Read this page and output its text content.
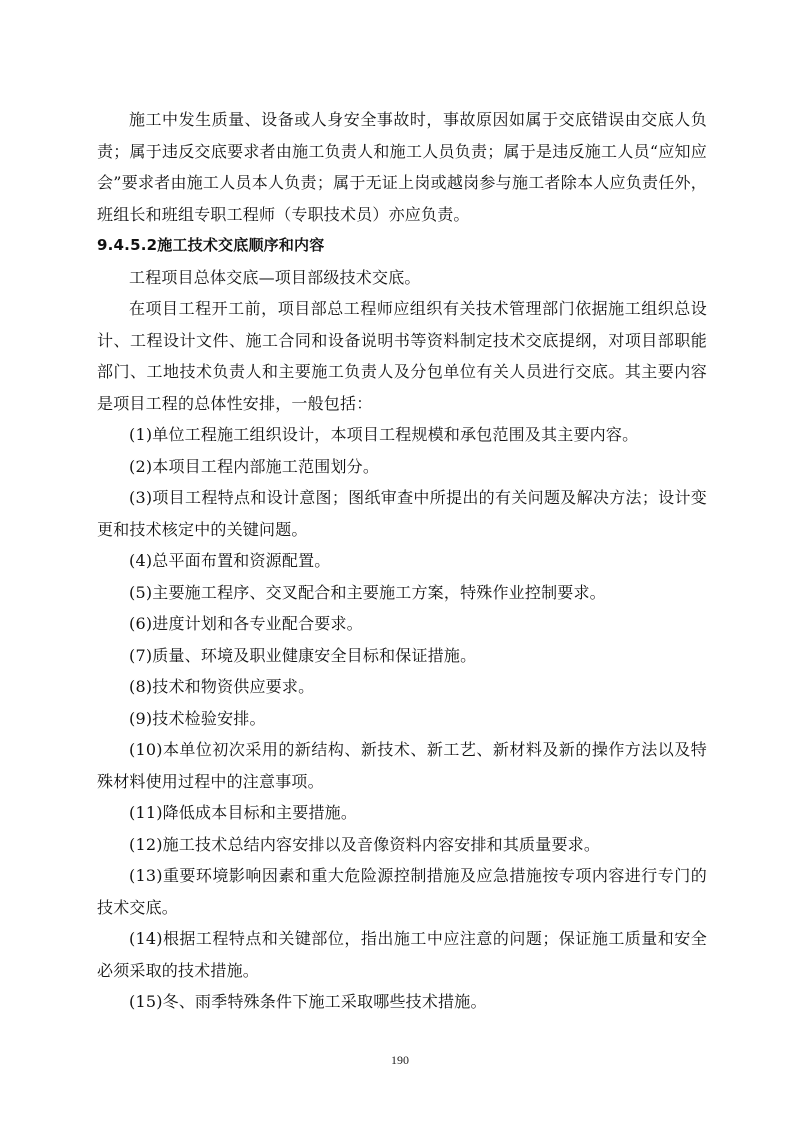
施工中发生质量、设备或人身安全事故时，事故原因如属于交底错误由交底人负责；属于违反交底要求者由施工负责人和施工人员负责；属于是违反施工人员“应知应会”要求者由施工人员本人负责；属于无证上岗或越岗参与施工者除本人应负责任外，班组长和班组专职工程师（专职技术员）亦应负责。

9.4.5.2施工技术交底顺序和内容

工程项目总体交底—项目部级技术交底。

在项目工程开工前，项目部总工程师应组织有关技术管理部门依据施工组织总设计、工程设计文件、施工合同和设备说明书等资料制定技术交底提纲，对项目部职能部门、工地技术负责人和主要施工负责人及分包单位有关人员进行交底。其主要内容是项目工程的总体性安排，一般包括：

(1)单位工程施工组织设计，本项目工程规模和承包范围及其主要内容。

(2)本项目工程内部施工范围划分。

(3)项目工程特点和设计意图；图纸审查中所提出的有关问题及解决方法；设计变更和技术核定中的关键问题。

(4)总平面布置和资源配置。

(5)主要施工程序、交叉配合和主要施工方案，特殊作业控制要求。

(6)进度计划和各专业配合要求。

(7)质量、环境及职业健康安全目标和保证措施。

(8)技术和物资供应要求。

(9)技术检验安排。

(10)本单位初次采用的新结构、新技术、新工艺、新材料及新的操作方法以及特殊材料使用过程中的注意事项。

(11)降低成本目标和主要措施。

(12)施工技术总结内容安排以及音像资料内容安排和其质量要求。

(13)重要环境影响因素和重大危险源控制措施及应急措施按专项内容进行专门的技术交底。

(14)根据工程特点和关键部位，指出施工中应注意的问题；保证施工质量和安全必须采取的技术措施。

(15)冬、雨季特殊条件下施工采取哪些技术措施。

190
